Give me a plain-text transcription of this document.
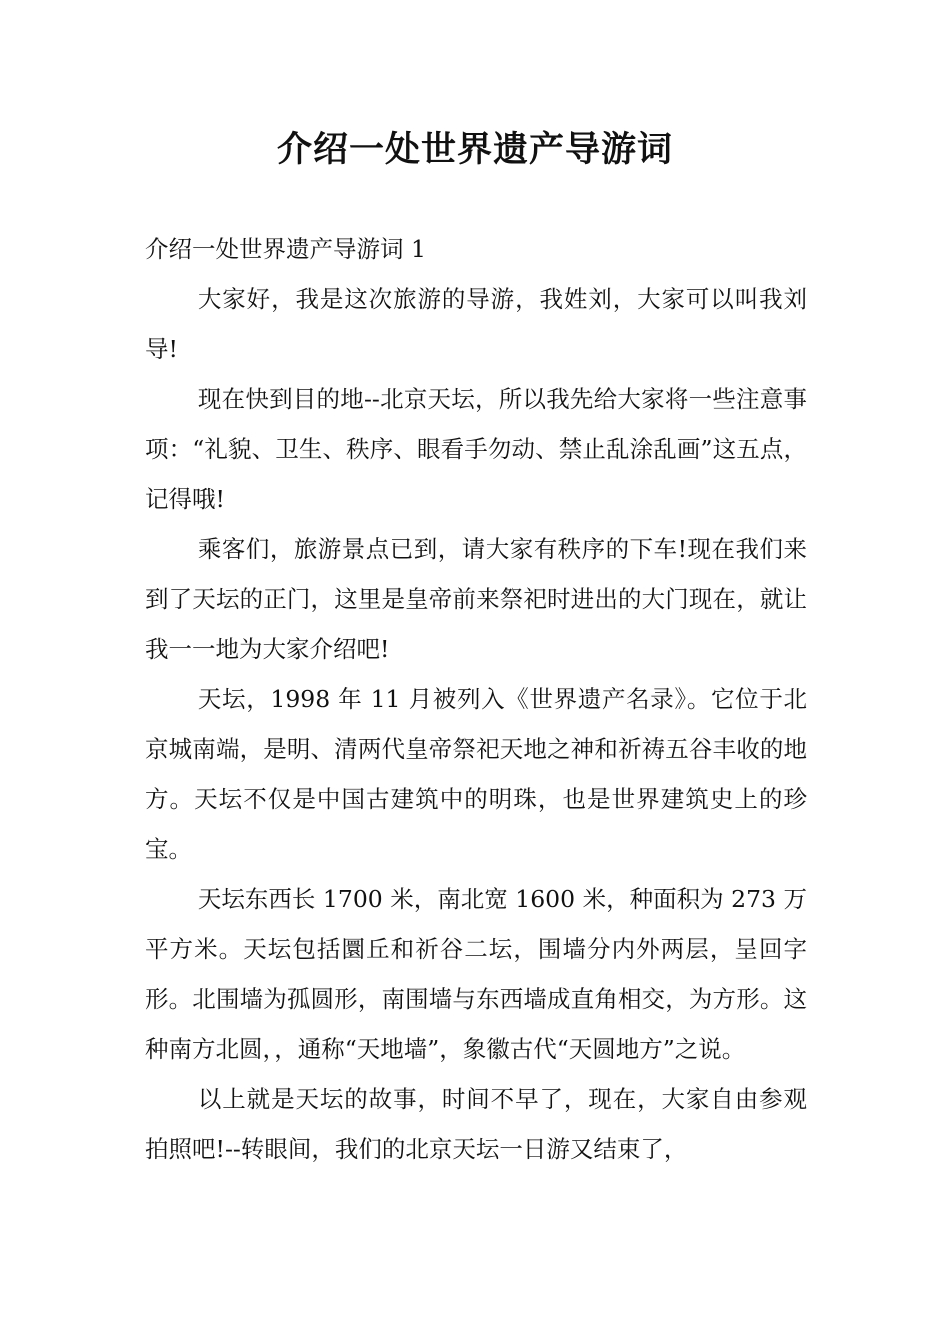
介绍一处世界遗产导游词

介绍一处世界遗产导游词 1

大家好，我是这次旅游的导游，我姓刘，大家可以叫我刘导!

现在快到目的地--北京天坛，所以我先给大家将一些注意事项：“礼貌、卫生、秩序、眼看手勿动、禁止乱涂乱画”这五点，记得哦!

乘客们，旅游景点已到，请大家有秩序的下车!现在我们来到了天坛的正门，这里是皇帝前来祭祀时进出的大门现在，就让我一一地为大家介绍吧!

天坛，1998 年 11 月被列入《世界遗产名录》。它位于北京城南端，是明、清两代皇帝祭祀天地之神和祈祷五谷丰收的地方。天坛不仅是中国古建筑中的明珠，也是世界建筑史上的珍宝。

天坛东西长 1700 米，南北宽 1600 米，种面积为 273 万平方米。天坛包括圜丘和祈谷二坛，围墙分内外两层，呈回字形。北围墙为孤圆形，南围墙与东西墙成直角相交，为方形。这种南方北圆，，通称“天地墙”，象徽古代“天圆地方”之说。

以上就是天坛的故事，时间不早了，现在，大家自由参观拍照吧!--转眼间，我们的北京天坛一日游又结束了，
